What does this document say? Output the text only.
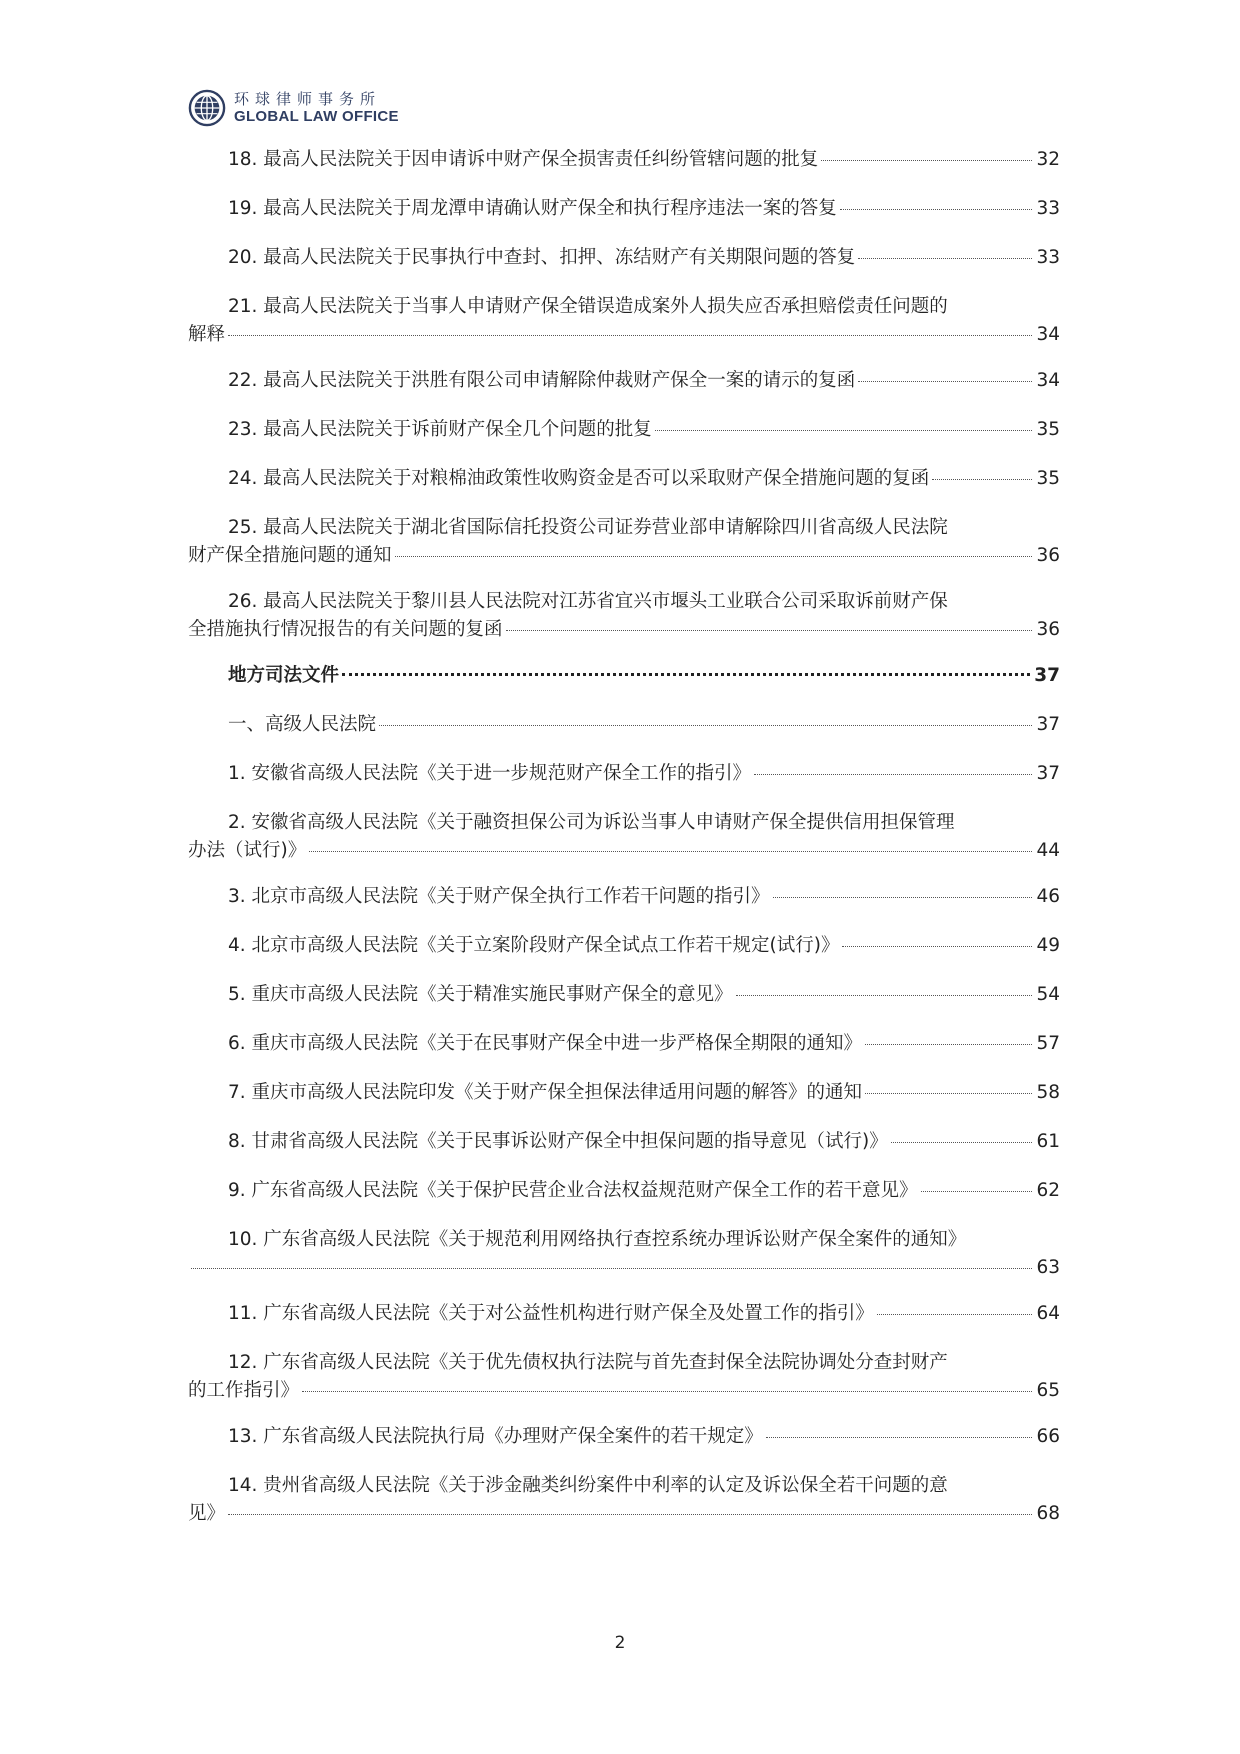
环球律师事务所
GLOBAL LAW OFFICE
18. 最高人民法院关于因申请诉中财产保全损害责任纠纷管辖问题的批复	32
19. 最高人民法院关于周龙潭申请确认财产保全和执行程序违法一案的答复	33
20. 最高人民法院关于民事执行中查封、扣押、冻结财产有关期限问题的答复	33
21. 最高人民法院关于当事人申请财产保全错误造成案外人损失应否承担赔偿责任问题的
解释	34
22. 最高人民法院关于洪胜有限公司申请解除仲裁财产保全一案的请示的复函	34
23. 最高人民法院关于诉前财产保全几个问题的批复	35
24. 最高人民法院关于对粮棉油政策性收购资金是否可以采取财产保全措施问题的复函	35
25. 最高人民法院关于湖北省国际信托投资公司证券营业部申请解除四川省高级人民法院
财产保全措施问题的通知	36
26. 最高人民法院关于黎川县人民法院对江苏省宜兴市堰头工业联合公司采取诉前财产保
全措施执行情况报告的有关问题的复函	36
地方司法文件	37
一、高级人民法院	37
1. 安徽省高级人民法院《关于进一步规范财产保全工作的指引》	37
2. 安徽省高级人民法院《关于融资担保公司为诉讼当事人申请财产保全提供信用担保管理
办法（试行)》	44
3. 北京市高级人民法院《关于财产保全执行工作若干问题的指引》	46
4. 北京市高级人民法院《关于立案阶段财产保全试点工作若干规定(试行)》	49
5. 重庆市高级人民法院《关于精准实施民事财产保全的意见》	54
6. 重庆市高级人民法院《关于在民事财产保全中进一步严格保全期限的通知》	57
7. 重庆市高级人民法院印发《关于财产保全担保法律适用问题的解答》的通知	58
8. 甘肃省高级人民法院《关于民事诉讼财产保全中担保问题的指导意见（试行)》	61
9. 广东省高级人民法院《关于保护民营企业合法权益规范财产保全工作的若干意见》	62
10. 广东省高级人民法院《关于规范利用网络执行查控系统办理诉讼财产保全案件的通知》
63
11. 广东省高级人民法院《关于对公益性机构进行财产保全及处置工作的指引》	64
12. 广东省高级人民法院《关于优先债权执行法院与首先查封保全法院协调处分查封财产
的工作指引》	65
13. 广东省高级人民法院执行局《办理财产保全案件的若干规定》	66
14. 贵州省高级人民法院《关于涉金融类纠纷案件中利率的认定及诉讼保全若干问题的意
见》	68
2
